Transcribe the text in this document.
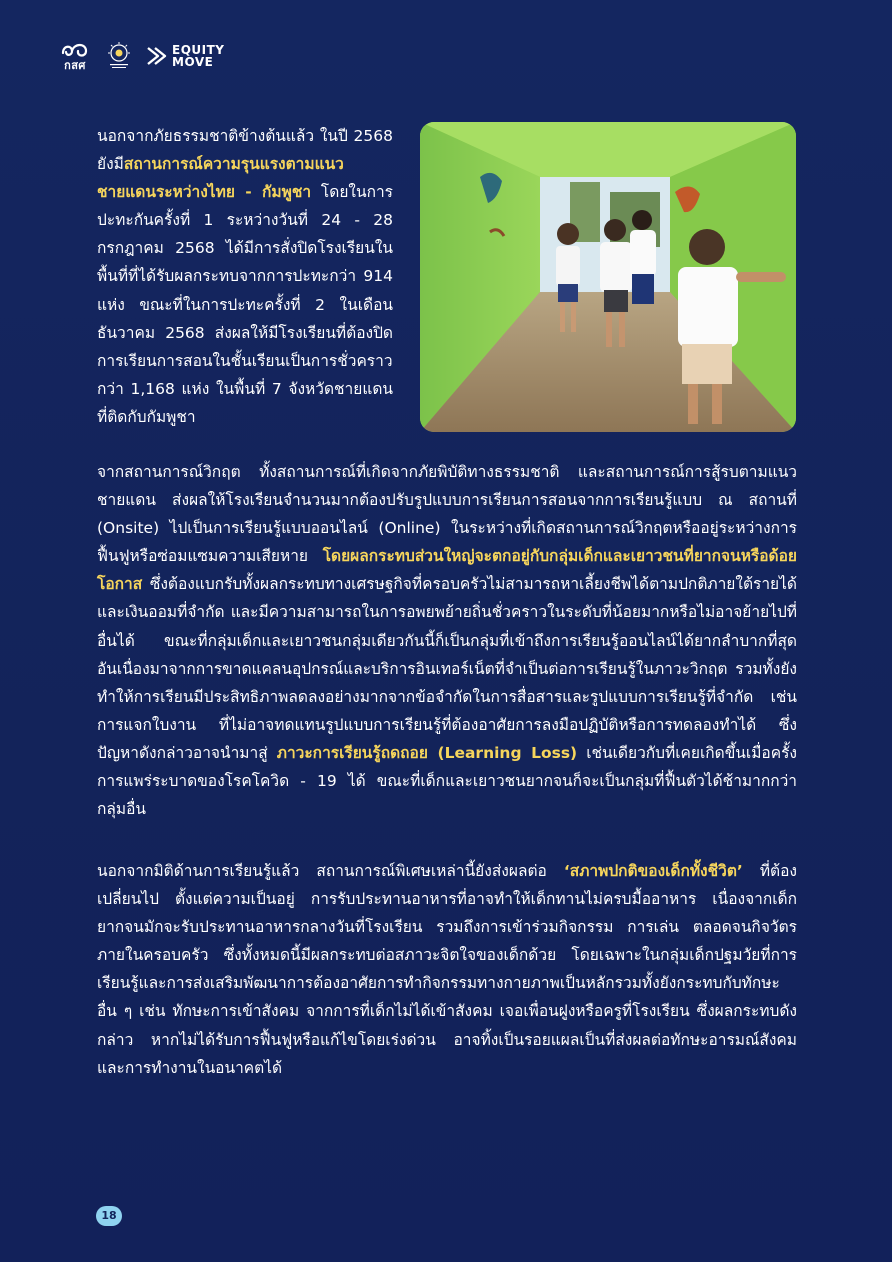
กสศ
EQUITY
MOVE
นอกจากภัยธรรมชาติข้างต้นแล้ว ในปี 2568 ยังมีสถานการณ์ความรุนแรงตามแนวชายแดนระหว่างไทย - กัมพูชา โดยในการปะทะกันครั้งที่ 1 ระหว่างวันที่ 24 - 28 กรกฎาคม 2568 ได้มีการสั่งปิดโรงเรียนในพื้นที่ที่ได้รับผลกระทบจากการปะทะกว่า 914 แห่ง ขณะที่ในการปะทะครั้งที่ 2 ในเดือนธันวาคม 2568 ส่งผลให้มีโรงเรียนที่ต้องปิดการเรียนการสอนในชั้นเรียนเป็นการชั่วคราวกว่า 1,168 แห่ง ในพื้นที่ 7 จังหวัดชายแดนที่ติดกับกัมพูชา
จากสถานการณ์วิกฤต ทั้งสถานการณ์ที่เกิดจากภัยพิบัติทางธรรมชาติ และสถานการณ์การสู้รบตามแนวชายแดน ส่งผลให้โรงเรียนจำนวนมากต้องปรับรูปแบบการเรียนการสอนจากการเรียนรู้แบบ ณ สถานที่ (Onsite) ไปเป็นการเรียนรู้แบบออนไลน์ (Online) ในระหว่างที่เกิดสถานการณ์วิกฤตหรืออยู่ระหว่างการฟื้นฟูหรือซ่อมแซมความเสียหาย โดยผลกระทบส่วนใหญ่จะตกอยู่กับกลุ่มเด็กและเยาวชนที่ยากจนหรือด้อยโอกาส ซึ่งต้องแบกรับทั้งผลกระทบทางเศรษฐกิจที่ครอบครัวไม่สามารถหาเลี้ยงชีพได้ตามปกติภายใต้รายได้และเงินออมที่จำกัด และมีความสามารถในการอพยพย้ายถิ่นชั่วคราวในระดับที่น้อยมากหรือไม่อาจย้ายไปที่อื่นได้ ขณะที่กลุ่มเด็กและเยาวชนกลุ่มเดียวกันนี้ก็เป็นกลุ่มที่เข้าถึงการเรียนรู้ออนไลน์ได้ยากลำบากที่สุด อันเนื่องมาจากการขาดแคลนอุปกรณ์และบริการอินเทอร์เน็ตที่จำเป็นต่อการเรียนรู้ในภาวะวิกฤต รวมทั้งยังทำให้การเรียนมีประสิทธิภาพลดลงอย่างมากจากข้อจำกัดในการสื่อสารและรูปแบบการเรียนรู้ที่จำกัด เช่น การแจกใบงาน ที่ไม่อาจทดแทนรูปแบบการเรียนรู้ที่ต้องอาศัยการลงมือปฏิบัติหรือการทดลองทำได้ ซึ่งปัญหาดังกล่าวอาจนำมาสู่ ภาวะการเรียนรู้ถดถอย (Learning Loss) เช่นเดียวกับที่เคยเกิดขึ้นเมื่อครั้งการแพร่ระบาดของโรคโควิด - 19 ได้ ขณะที่เด็กและเยาวชนยากจนก็จะเป็นกลุ่มที่ฟื้นตัวได้ช้ามากกว่ากลุ่มอื่น
นอกจากมิติด้านการเรียนรู้แล้ว สถานการณ์พิเศษเหล่านี้ยังส่งผลต่อ ‘สภาพปกติของเด็กทั้งชีวิต’ ที่ต้องเปลี่ยนไป ตั้งแต่ความเป็นอยู่ การรับประทานอาหารที่อาจทำให้เด็กทานไม่ครบมื้ออาหาร เนื่องจากเด็กยากจนมักจะรับประทานอาหารกลางวันที่โรงเรียน รวมถึงการเข้าร่วมกิจกรรม การเล่น ตลอดจนกิจวัตรภายในครอบครัว ซึ่งทั้งหมดนี้มีผลกระทบต่อสภาวะจิตใจของเด็กด้วย โดยเฉพาะในกลุ่มเด็กปฐมวัยที่การเรียนรู้และการส่งเสริมพัฒนาการต้องอาศัยการทำกิจกรรมทางกายภาพเป็นหลักรวมทั้งยังกระทบกับทักษะอื่น ๆ เช่น ทักษะการเข้าสังคม จากการที่เด็กไม่ได้เข้าสังคม เจอเพื่อนฝูงหรือครูที่โรงเรียน ซึ่งผลกระทบดังกล่าว หากไม่ได้รับการฟื้นฟูหรือแก้ไขโดยเร่งด่วน อาจทิ้งเป็นรอยแผลเป็นที่ส่งผลต่อทักษะอารมณ์สังคมและการทำงานในอนาคตได้
18
